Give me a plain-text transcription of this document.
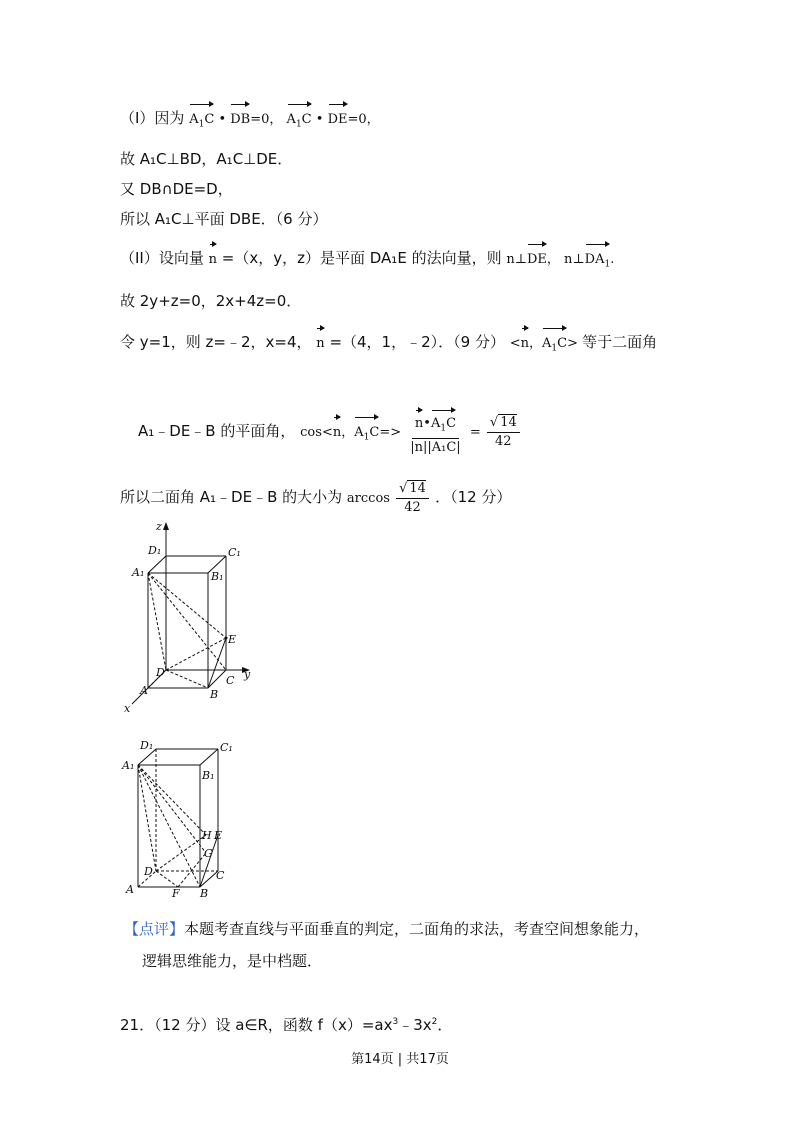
（I）因为 $A_1C$ • DB=0， $A_1C$ • DE=0，
故 A₁C⊥BD，A₁C⊥DE．
又 DB∩DE=D，
所以 A₁C⊥平面 DBE．（6 分）
（II）设向量 n =（x，y，z）是平面 DA₁E 的法向量，则 n⊥DE， $n\perp DA_1$.
故 2y+z=0，2x+4z=0．
令 y=1，则 z=﹣2，x=4， n =（4，1，﹣2）．（9 分） <n，$A_1C>$ 等于二面角
A₁﹣DE﹣B 的平面角， cos<n，$A_1C=> \frac{n•A_1C}{\text{|n||A₁C|}} = \frac{√ 14}{42}$
所以二面角 A₁﹣DE﹣B 的大小为 $\arccos \frac{√ 14}{42}$ ．（12 分）
z
D₁	C₁
A₁	B₁
E
D
C y
A	B
x
D₁	C₁
A₁
B₁
H E
G
D	C
A	F B
【点评】本题考查直线与平面垂直的判定，二面角的求法，考查空间想象能力，
逻辑思维能力，是中档题．
21．（12 分）设 a∈R，函数 $f(x)=ax^3﹣3x^2$．
第14页 | 共17页
